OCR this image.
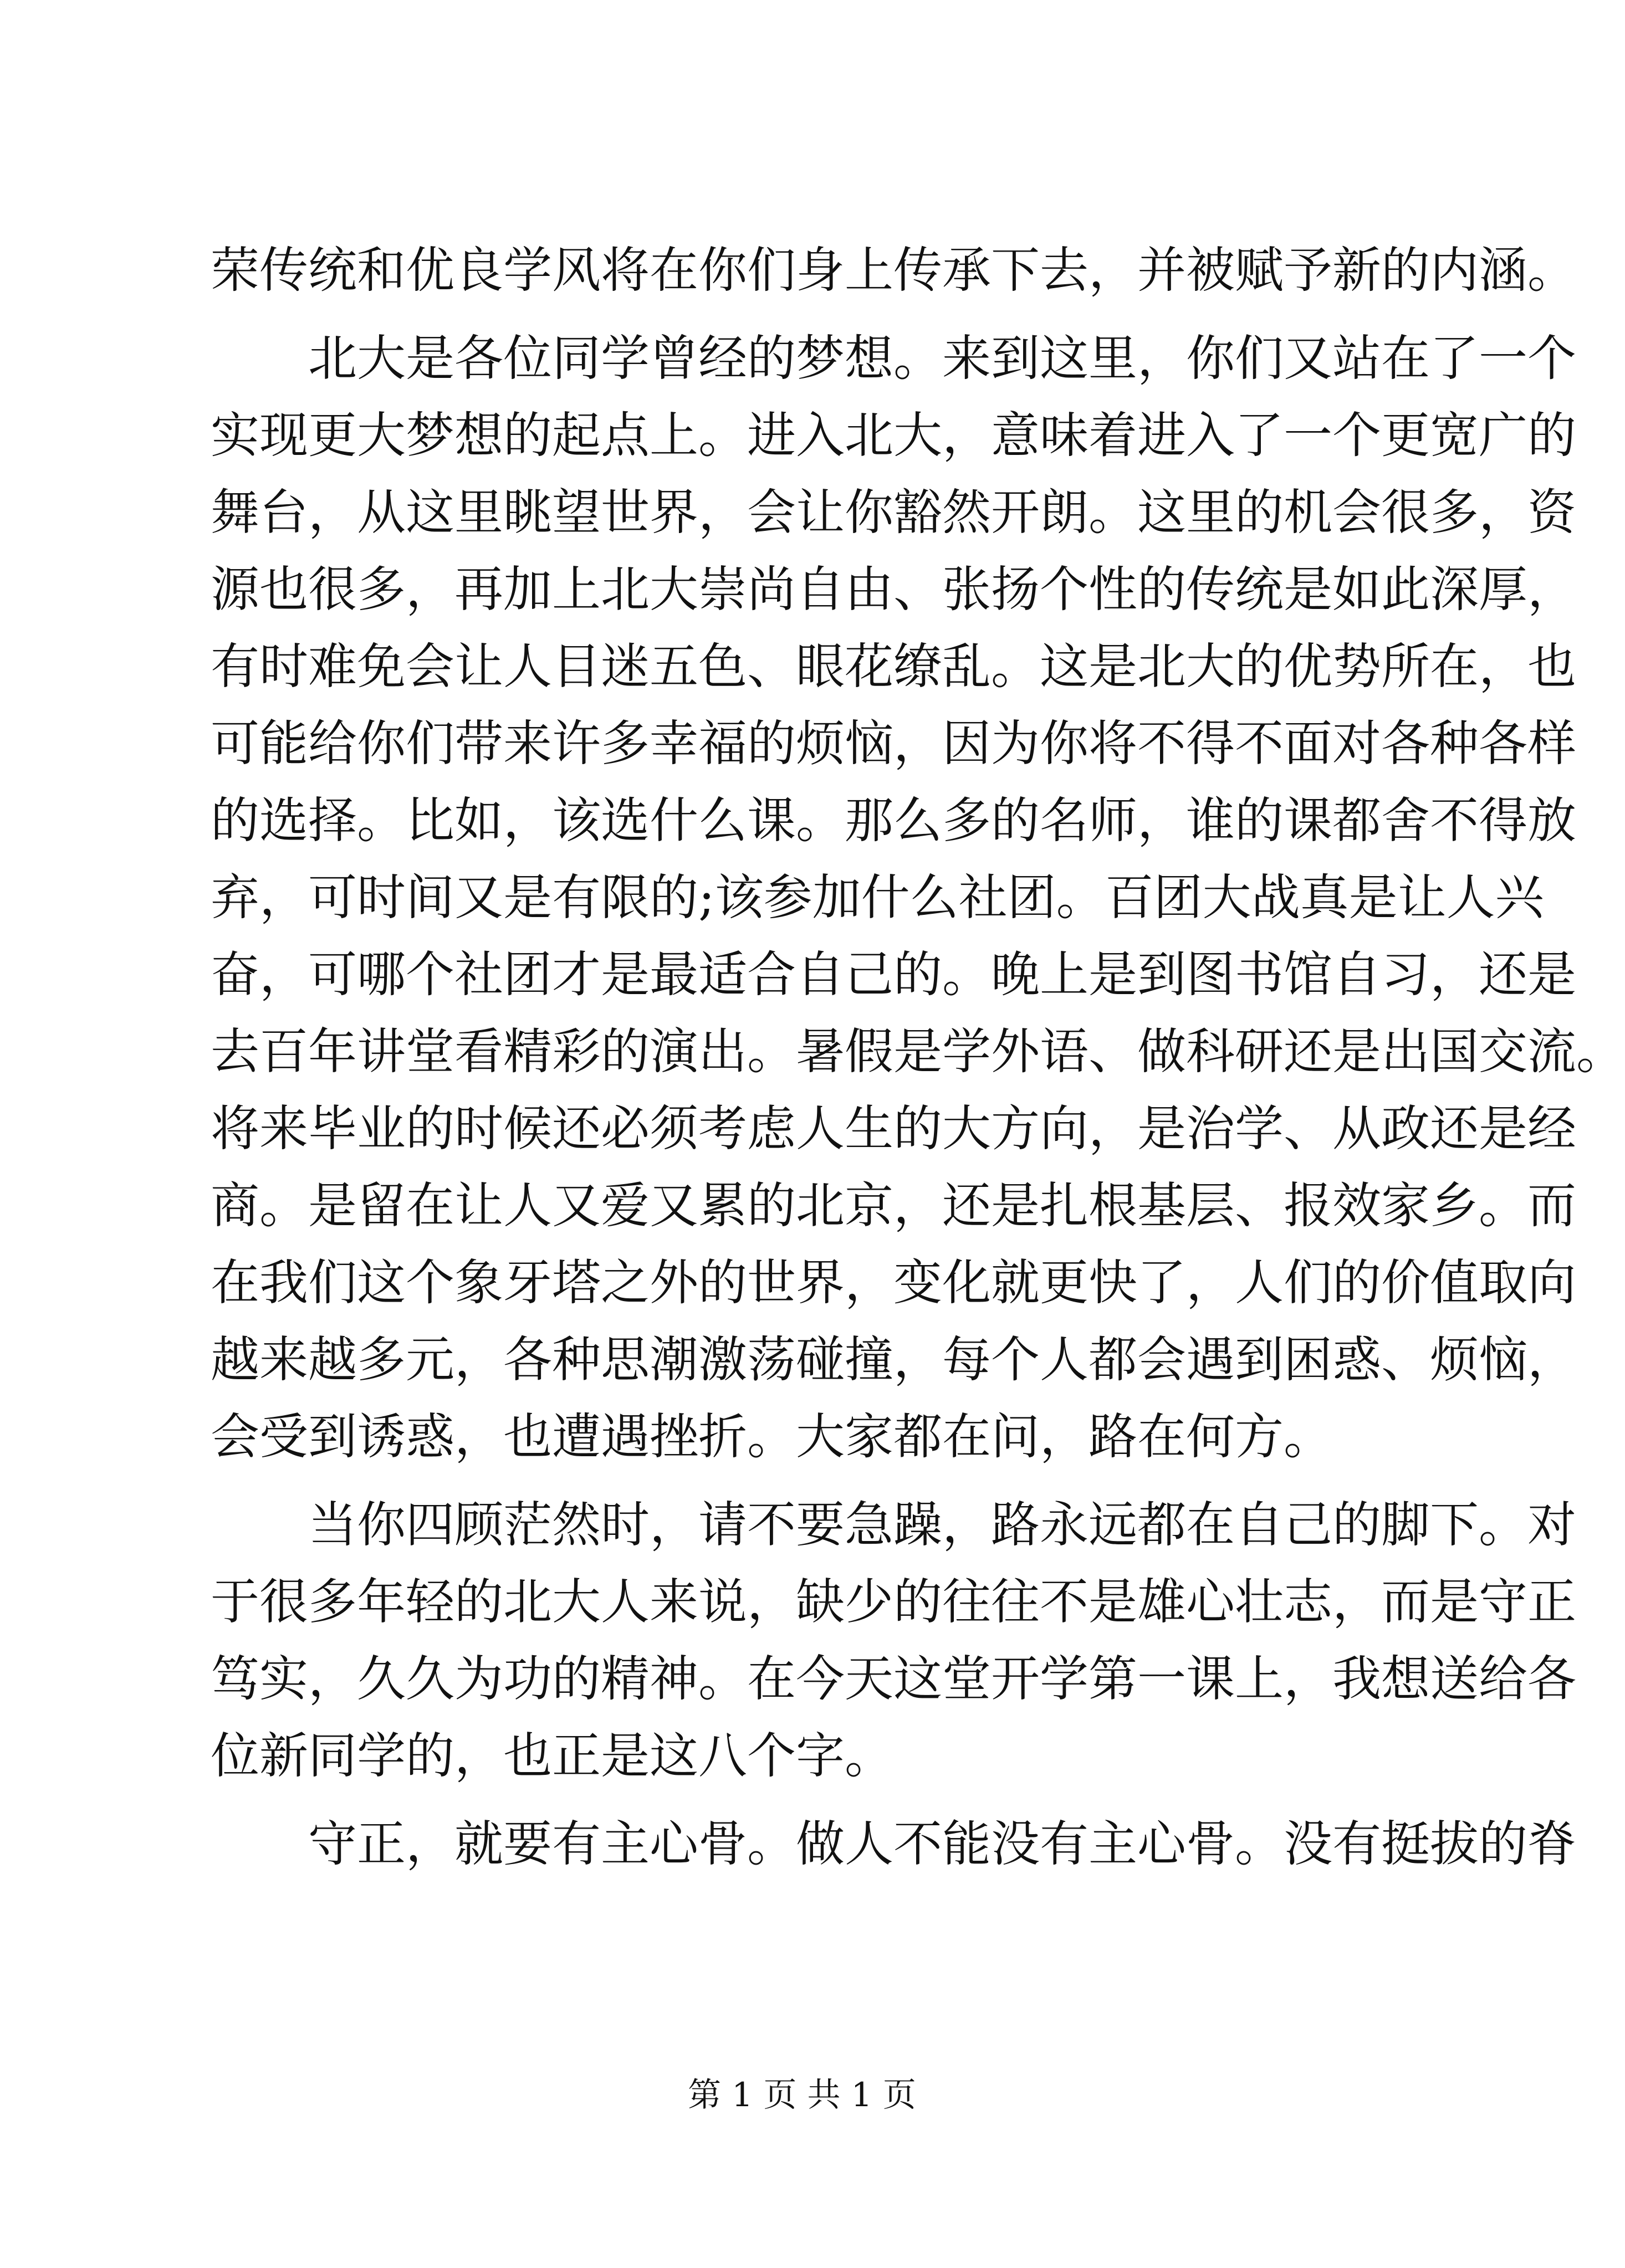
荣传统和优良学风将在你们身上传承下去，并被赋予新的内涵。
北大是各位同学曾经的梦想。来到这里，你们又站在了一个
实现更大梦想的起点上。进入北大，意味着进入了一个更宽广的
舞台，从这里眺望世界，会让你豁然开朗。这里的机会很多，资
源也很多，再加上北大崇尚自由、张扬个性的传统是如此深厚，
有时难免会让人目迷五色、眼花缭乱。这是北大的优势所在，也
可能给你们带来许多幸福的烦恼，因为你将不得不面对各种各样
的选择。比如，该选什么课。那么多的名师，谁的课都舍不得放
弃，可时间又是有限的;该参加什么社团。百团大战真是让人兴
奋，可哪个社团才是最适合自己的。晚上是到图书馆自习，还是
去百年讲堂看精彩的演出。暑假是学外语、做科研还是出国交流。
将来毕业的时候还必须考虑人生的大方向，是治学、从政还是经
商。是留在让人又爱又累的北京，还是扎根基层、报效家乡。而
在我们这个象牙塔之外的世界，变化就更快了，人们的价值取向
越来越多元，各种思潮激荡碰撞，每个人都会遇到困惑、烦恼，
会受到诱惑，也遭遇挫折。大家都在问，路在何方。
当你四顾茫然时，请不要急躁，路永远都在自己的脚下。对
于很多年轻的北大人来说，缺少的往往不是雄心壮志，而是守正
笃实，久久为功的精神。在今天这堂开学第一课上，我想送给各
位新同学的，也正是这八个字。
守正，就要有主心骨。做人不能没有主心骨。没有挺拔的脊
第 1 页 共 1 页
